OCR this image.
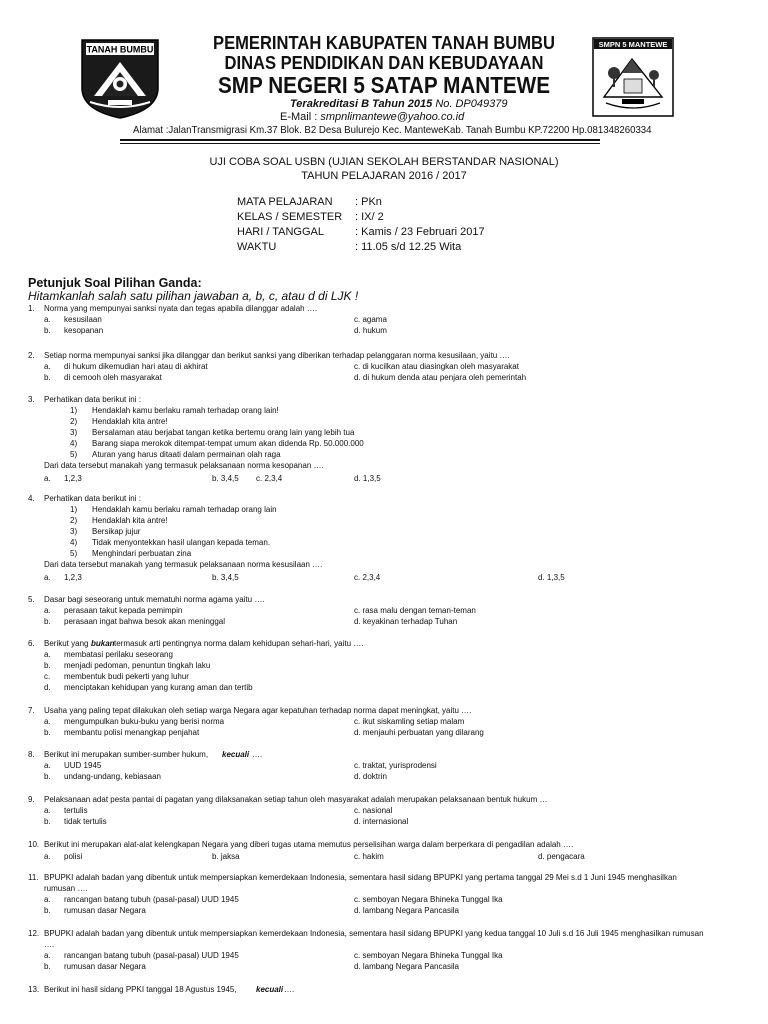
TANAH BUMBU	SMPN 5 MANTEWE
PEMERINTAH KABUPATEN TANAH BUMBU
DINAS PENDIDIKAN DAN KEBUDAYAAN
SMP NEGERI 5 SATAP MANTEWE
Terakreditasi B Tahun 2015 No. DP049379
E-Mail : smpnlimantewe@yahoo.co.id
Alamat :JalanTransmigrasi Km.37 Blok. B2 Desa Bulurejo Kec. ManteweKab. Tanah Bumbu KP.72200 Hp.081348260334
UJI COBA SOAL USBN (UJIAN SEKOLAH BERSTANDAR NASIONAL)
TAHUN PELAJARAN 2016 / 2017
MATA PELAJARAN : PKn
KELAS / SEMESTER : IX/ 2
HARI / TANGGAL	: Kamis / 23 Februari 2017
WAKTU	: 11.05 s/d 12.25 Wita
Petunjuk Soal Pilihan Ganda:
Hitamkanlah salah satu pilihan jawaban a, b, c, atau d di LJK !
1. Norma yang mempunyai sanksi nyata dan tegas apabila dilanggar adalah ….
a. kesusilaan	c. agama
b. kesopanan	d. hukum
2. Setiap norma mempunyai sanksi jika dilanggar dan berikut sanksi yang diberikan terhadap pelanggaran norma kesusilaan, yaitu ….
a. di hukum dikemudian hari atau di akhirat	c. di kucilkan atau diasingkan oleh masyarakat
b. di cemooh oleh masyarakat	d. di hukum denda atau penjara oleh pemerintah
3. Perhatikan data berikut ini :
1) Hendaklah kamu berlaku ramah terhadap orang lain!
2) Hendaklah kita antre!
3) Bersalaman atau berjabat tangan ketika bertemu orang lain yang lebih tua
4) Barang siapa merokok ditempat-tempat umum akan didenda Rp. 50.000.000
5) Aturan yang harus ditaati dalam permainan olah raga
Dari data tersebut manakah yang termasuk pelaksanaan norma kesopanan ….
a. 1,2,3	b. 3,4,5 c. 2,3,4	d. 1,3,5
4. Perhatikan data berikut ini :
1) Hendaklah kamu berlaku ramah terhadap orang lain
2) Hendaklah kita antre!
3) Bersikap jujur
4) Tidak menyontekkan hasil ulangan kepada teman.
5) Menghindari perbuatan zina
Dari data tersebut manakah yang termasuk pelaksanaan norma kesusilaan ….
a. 1,2,3	b. 3,4,5	c. 2,3,4	d. 1,3,5
5. Dasar bagi seseorang untuk mematuhi norma agama yaitu ….
a. perasaan takut kepada pemimpin	c. rasa malu dengan teman-teman
b. perasaan ingat bahwa besok akan meninggal	d. keyakinan terhadap Tuhan
6. Berikut yang bukan termasuk arti pentingnya norma dalam kehidupan sehari-hari, yaitu ….
a. membatasi perilaku seseorang
b. menjadi pedoman, penuntun tingkah laku
c. membentuk budi pekerti yang luhur
d. menciptakan kehidupan yang kurang aman dan tertib
7. Usaha yang paling tepat dilakukan oleh setiap warga Negara agar kepatuhan terhadap norma dapat meningkat, yaitu ….
a. mengumpulkan buku-buku yang berisi norma	c. ikut siskamling setiap malam
b. membantu polisi menangkap penjahat	d. menjauhi perbuatan yang dilarang
8. Berikut ini merupakan sumber-sumber hukum, kecuali ….
a. UUD 1945	c. traktat, yurisprodensi
b. undang-undang, kebiasaan	d. doktrin
9. Pelaksanaan adat pesta pantai di pagatan yang dilaksanakan setiap tahun oleh masyarakat adalah merupakan pelaksanaan bentuk hukum …
a. tertulis	c. nasional
b. tidak tertulis	d. internasional
10. Berikut ini merupakan alat-alat kelengkapan Negara yang diberi tugas utama memutus perselisihan warga dalam berperkara di pengadilan adalah ….
a. polisi	b. jaksa	c. hakim	d. pengacara
11. BPUPKI adalah badan yang dibentuk untuk mempersiapkan kemerdekaan Indonesia, sementara hasil sidang BPUPKI yang pertama tanggal 29 Mei s.d 1 Juni 1945 menghasilkan
rumusan ….
a. rancangan batang tubuh (pasal-pasal) UUD 1945	c. semboyan Negara Bhineka Tunggal Ika
b. rumusan dasar Negara	d. lambang Negara Pancasila
12. BPUPKI adalah badan yang dibentuk untuk mempersiapkan kemerdekaan Indonesia, sementara hasil sidang BPUPKI yang kedua tanggal 10 Juli s.d 16 Juli 1945 menghasilkan rumusan
….
a. rancangan batang tubuh (pasal-pasal) UUD 1945	c. semboyan Negara Bhineka Tunggal Ika
b. rumusan dasar Negara	d. lambang Negara Pancasila
13. Berikut ini hasil sidang PPKI tanggal 18 Agustus 1945, kecuali ….
